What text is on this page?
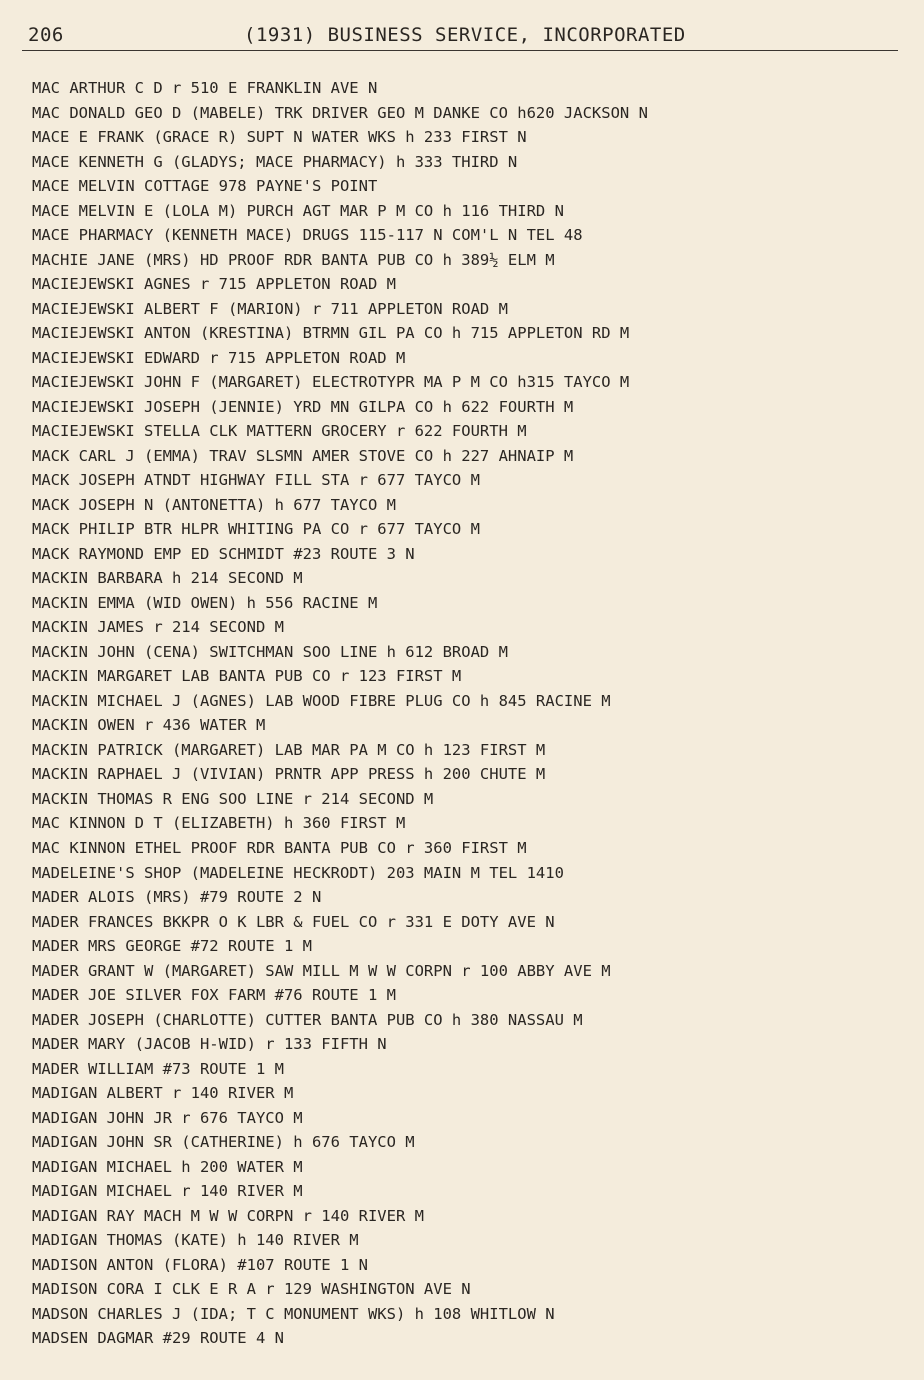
206	(1931) BUSINESS SERVICE, INCORPORATED
MAC ARTHUR C D r 510 E FRANKLIN AVE N
MAC DONALD GEO D (MABELE) TRK DRIVER GEO M DANKE CO h620 JACKSON N
MACE E FRANK (GRACE R) SUPT N WATER WKS h 233 FIRST N
MACE KENNETH G (GLADYS; MACE PHARMACY) h 333 THIRD N
MACE MELVIN COTTAGE 978 PAYNE'S POINT
MACE MELVIN E (LOLA M) PURCH AGT MAR P M CO h 116 THIRD N
MACE PHARMACY (KENNETH MACE) DRUGS 115-117 N COM'L N TEL 48
MACHIE JANE (MRS) HD PROOF RDR BANTA PUB CO h 389½ ELM M
MACIEJEWSKI AGNES r 715 APPLETON ROAD M
MACIEJEWSKI ALBERT F (MARION) r 711 APPLETON ROAD M
MACIEJEWSKI ANTON (KRESTINA) BTRMN GIL PA CO h 715 APPLETON RD M
MACIEJEWSKI EDWARD r 715 APPLETON ROAD M
MACIEJEWSKI JOHN F (MARGARET) ELECTROTYPR MA P M CO h315 TAYCO M
MACIEJEWSKI JOSEPH (JENNIE) YRD MN GILPA CO h 622 FOURTH M
MACIEJEWSKI STELLA CLK MATTERN GROCERY r 622 FOURTH M
MACK CARL J (EMMA) TRAV SLSMN AMER STOVE CO h 227 AHNAIP M
MACK JOSEPH ATNDT HIGHWAY FILL STA r 677 TAYCO M
MACK JOSEPH N (ANTONETTA) h 677 TAYCO M
MACK PHILIP BTR HLPR WHITING PA CO r 677 TAYCO M
MACK RAYMOND EMP ED SCHMIDT #23 ROUTE 3 N
MACKIN BARBARA h 214 SECOND M
MACKIN EMMA (WID OWEN) h 556 RACINE M
MACKIN JAMES r 214 SECOND M
MACKIN JOHN (CENA) SWITCHMAN SOO LINE h 612 BROAD M
MACKIN MARGARET LAB BANTA PUB CO r 123 FIRST M
MACKIN MICHAEL J (AGNES) LAB WOOD FIBRE PLUG CO h 845 RACINE M
MACKIN OWEN r 436 WATER M
MACKIN PATRICK (MARGARET) LAB MAR PA M CO h 123 FIRST M
MACKIN RAPHAEL J (VIVIAN) PRNTR APP PRESS h 200 CHUTE M
MACKIN THOMAS R ENG SOO LINE r 214 SECOND M
MAC KINNON D T (ELIZABETH) h 360 FIRST M
MAC KINNON ETHEL PROOF RDR BANTA PUB CO r 360 FIRST M
MADELEINE'S SHOP (MADELEINE HECKRODT) 203 MAIN M TEL 1410
MADER ALOIS (MRS) #79 ROUTE 2 N
MADER FRANCES BKKPR O K LBR & FUEL CO r 331 E DOTY AVE N
MADER MRS GEORGE #72 ROUTE 1 M
MADER GRANT W (MARGARET) SAW MILL M W W CORPN r 100 ABBY AVE M
MADER JOE SILVER FOX FARM #76 ROUTE 1 M
MADER JOSEPH (CHARLOTTE) CUTTER BANTA PUB CO h 380 NASSAU M
MADER MARY (JACOB H-WID) r 133 FIFTH N
MADER WILLIAM #73 ROUTE 1 M
MADIGAN ALBERT r 140 RIVER M
MADIGAN JOHN JR r 676 TAYCO M
MADIGAN JOHN SR (CATHERINE) h 676 TAYCO M
MADIGAN MICHAEL h 200 WATER M
MADIGAN MICHAEL r 140 RIVER M
MADIGAN RAY MACH M W W CORPN r 140 RIVER M
MADIGAN THOMAS (KATE) h 140 RIVER M
MADISON ANTON (FLORA) #107 ROUTE 1 N
MADISON CORA I CLK E R A r 129 WASHINGTON AVE N
MADSON CHARLES J (IDA; T C MONUMENT WKS) h 108 WHITLOW N
MADSEN DAGMAR #29 ROUTE 4 N
